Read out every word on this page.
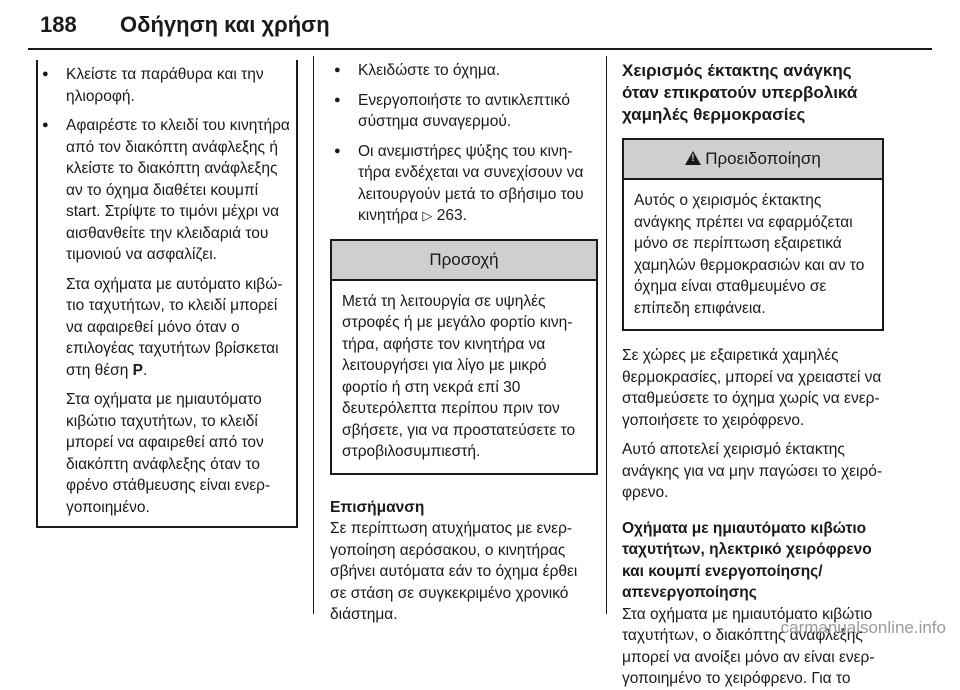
188 Οδήγηση και χρήση
● Κλείστε τα παράθυρα και την ηλιοροφή.
● Αφαιρέστε το κλειδί του κινητήρα από τον διακόπτη ανάφλεξης ή κλείστε το διακόπτη ανάφλεξης αν το όχημα διαθέτει κουμπί start. Στρίψτε το τιμόνι μέχρι να αισθανθείτε την κλειδαριά του τιμονιού να ασφαλίζει.
Στα οχήματα με αυτόματο κιβώτιο ταχυτήτων, το κλειδί μπορεί να αφαιρεθεί μόνο όταν ο επιλογέας ταχυτήτων βρίσκεται στη θέση P.
Στα οχήματα με ημιαυτόματο κιβώτιο ταχυτήτων, το κλειδί μπορεί να αφαιρεθεί από τον διακόπτη ανάφλεξης όταν το φρένο στάθμευσης είναι ενεργοποιημένο.
● Κλειδώστε το όχημα.
● Ενεργοποιήστε το αντικλεπτικό σύστημα συναγερμού.
● Οι ανεμιστήρες ψύξης του κινητήρα ενδέχεται να συνεχίσουν να λειτουργούν μετά το σβήσιμο του κινητήρα ▷ 263.
Προσοχή
Μετά τη λειτουργία σε υψηλές στροφές ή με μεγάλο φορτίο κινητήρα, αφήστε τον κινητήρα να λειτουργήσει για λίγο με μικρό φορτίο ή στη νεκρά επί 30 δευτερόλεπτα περίπου πριν τον σβήσετε, για να προστατεύσετε το στροβιλοσυμπιεστή.
Επισήμανση
Σε περίπτωση ατυχήματος με ενεργοποίηση αερόσακου, ο κινητήρας σβήνει αυτόματα εάν το όχημα έρθει σε στάση σε συγκεκριμένο χρονικό διάστημα.
Χειρισμός έκτακτης ανάγκης όταν επικρατούν υπερβολικά χαμηλές θερμοκρασίες
! Προειδοποίηση
Αυτός ο χειρισμός έκτακτης ανάγκης πρέπει να εφαρμόζεται μόνο σε περίπτωση εξαιρετικά χαμηλών θερμοκρασιών και αν το όχημα είναι σταθμευμένο σε επίπεδη επιφάνεια.

Σε χώρες με εξαιρετικά χαμηλές θερμοκρασίες, μπορεί να χρειαστεί να σταθμεύσετε το όχημα χωρίς να ενεργοποιήσετε το χειρόφρενο.

Αυτό αποτελεί χειρισμό έκτακτης ανάγκης για να μην παγώσει το χειρόφρενο.

Οχήματα με ημιαυτόματο κιβώτιο ταχυτήτων, ηλεκτρικό χειρόφρενο και κουμπί ενεργοποίησης/ απενεργοποίησης
Στα οχήματα με ημιαυτόματο κιβώτιο ταχυτήτων, ο διακόπτης ανάφλεξης μπορεί να ανοίξει μόνο αν είναι ενεργοποιημένο το χειρόφρενο. Για το
carmanualsonline.info
